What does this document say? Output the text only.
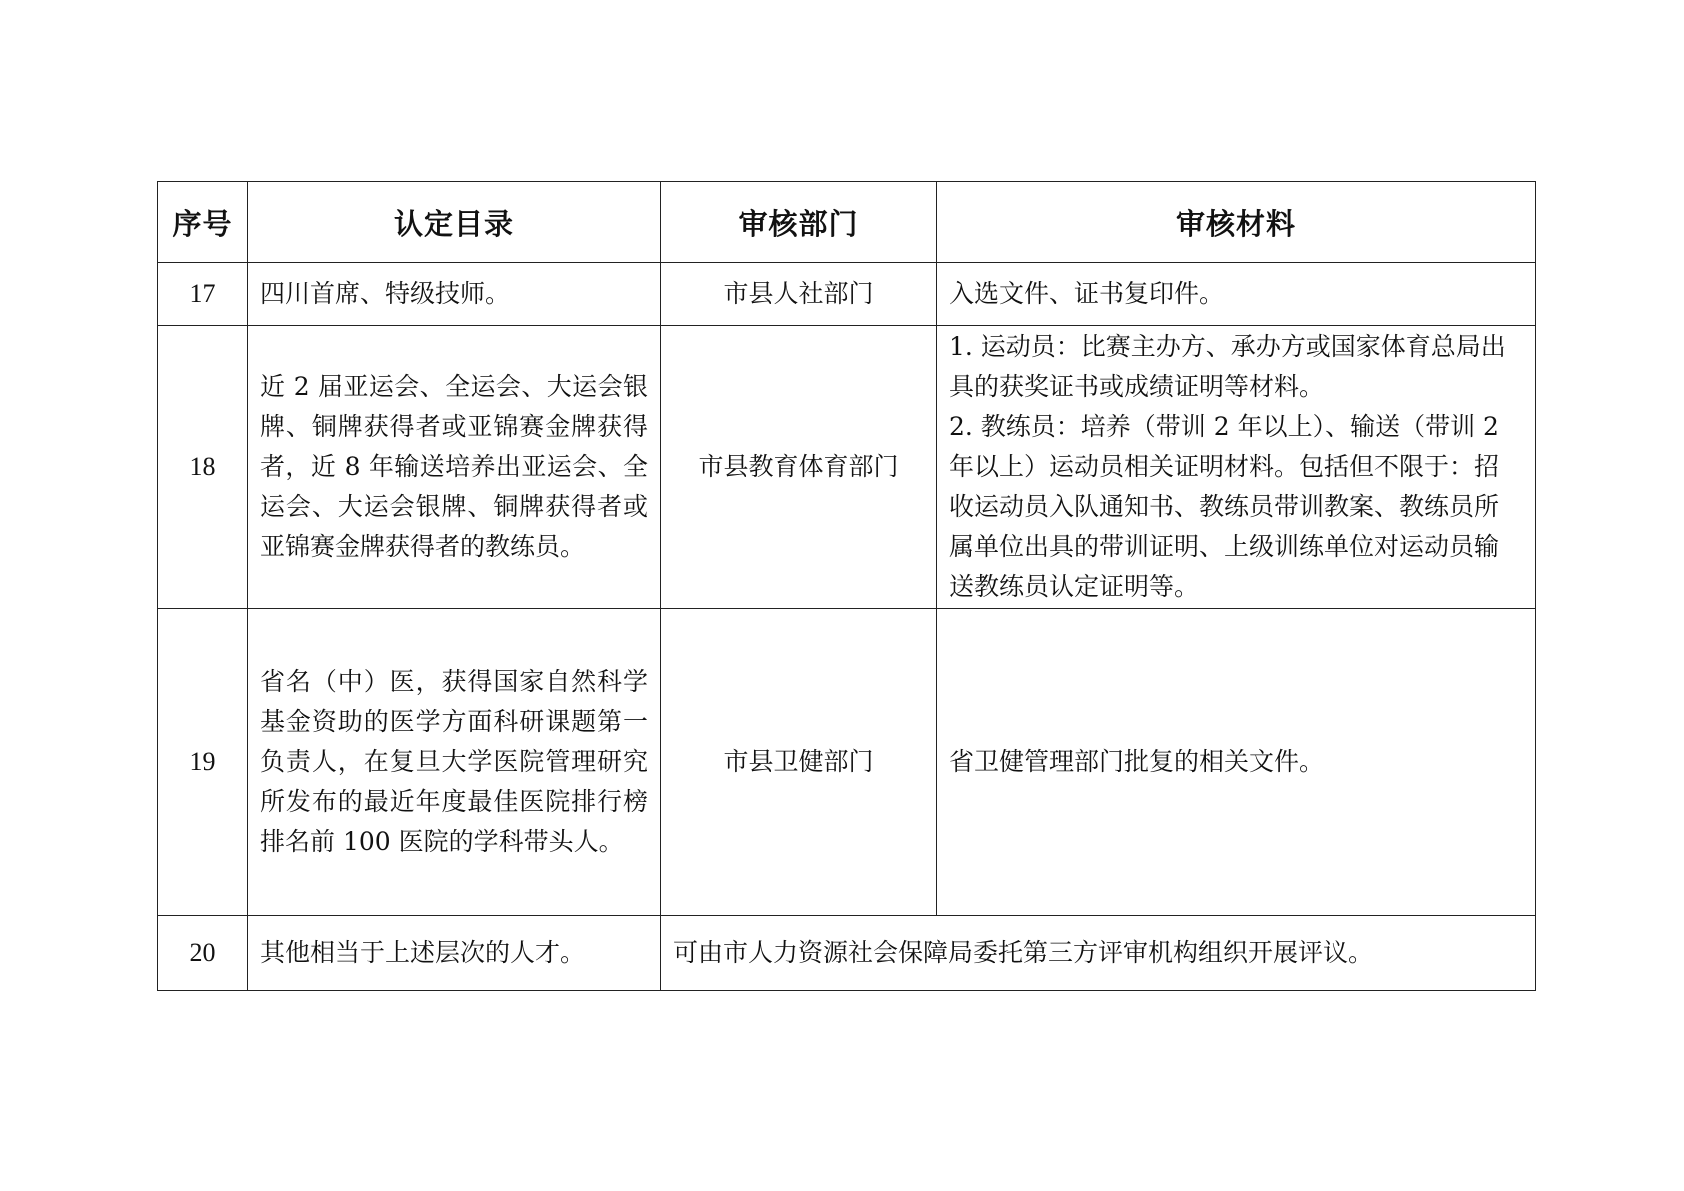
序号	认定目录	审核部门	审核材料
17	四川首席、特级技师。	市县人社部门	入选文件、证书复印件。
18	近 2 届亚运会、全运会、大运会银牌、铜牌获得者或亚锦赛金牌获得者，近 8 年输送培养出亚运会、全运会、大运会银牌、铜牌获得者或亚锦赛金牌获得者的教练员。	市县教育体育部门	1. 运动员：比赛主办方、承办方或国家体育总局出具的获奖证书或成绩证明等材料。
2. 教练员：培养（带训 2 年以上）、输送（带训 2 年以上）运动员相关证明材料。包括但不限于：招收运动员入队通知书、教练员带训教案、教练员所属单位出具的带训证明、上级训练单位对运动员输送教练员认定证明等。

19	省名（中）医，获得国家自然科学基金资助的医学方面科研课题第一负责人，在复旦大学医院管理研究所发布的最近年度最佳医院排行榜排名前 100 医院的学科带头人。	市县卫健部门	省卫健管理部门批复的相关文件。
20	其他相当于上述层次的人才。	可由市人力资源社会保障局委托第三方评审机构组织开展评议。	
